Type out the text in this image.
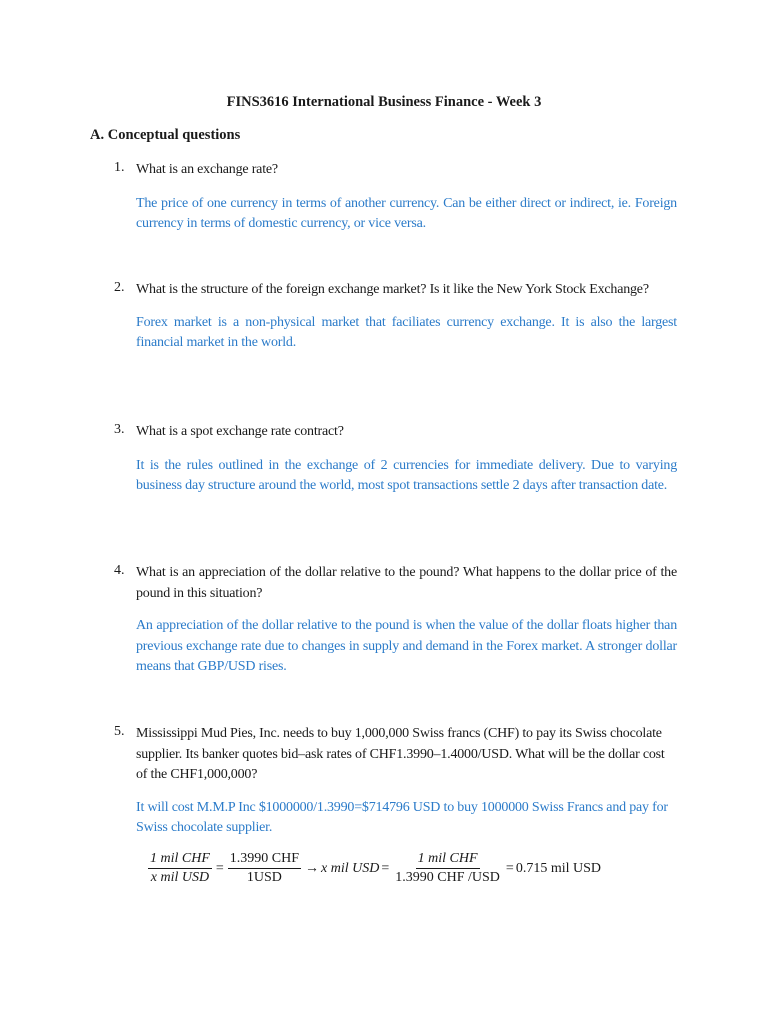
FINS3616 International Business Finance - Week 3
A. Conceptual questions
1. What is an exchange rate?
The price of one currency in terms of another currency. Can be either direct or indirect, ie. Foreign currency in terms of domestic currency, or vice versa.
2. What is the structure of the foreign exchange market? Is it like the New York Stock Exchange?
Forex market is a non-physical market that faciliates currency exchange. It is also the largest financial market in the world.
3. What is a spot exchange rate contract?
It is the rules outlined in the exchange of 2 currencies for immediate delivery. Due to varying business day structure around the world, most spot transactions settle 2 days after transaction date.
4. What is an appreciation of the dollar relative to the pound? What happens to the dollar price of the pound in this situation?
An appreciation of the dollar relative to the pound is when the value of the dollar floats higher than previous exchange rate due to changes in supply and demand in the Forex market. A stronger dollar means that GBP/USD rises.
5. Mississippi Mud Pies, Inc. needs to buy 1,000,000 Swiss francs (CHF) to pay its Swiss chocolate supplier. Its banker quotes bid–ask rates of CHF1.3990–1.4000/USD. What will be the dollar cost of the CHF1,000,000?
It will cost M.M.P Inc $1000000/1.3990=$714796 USD to buy 1000000 Swiss Francs and pay for Swiss chocolate supplier.
$\frac{\text{1 mil CHF}}{\text{x mil USD}} = \frac{\text{1.3990 CHF}}{\text{1USD}} \to x$ mil USD = $\frac{\text{1 mil CHF}}{\text{1.3990 CHF /USD}} = 0.715$ mil USD
